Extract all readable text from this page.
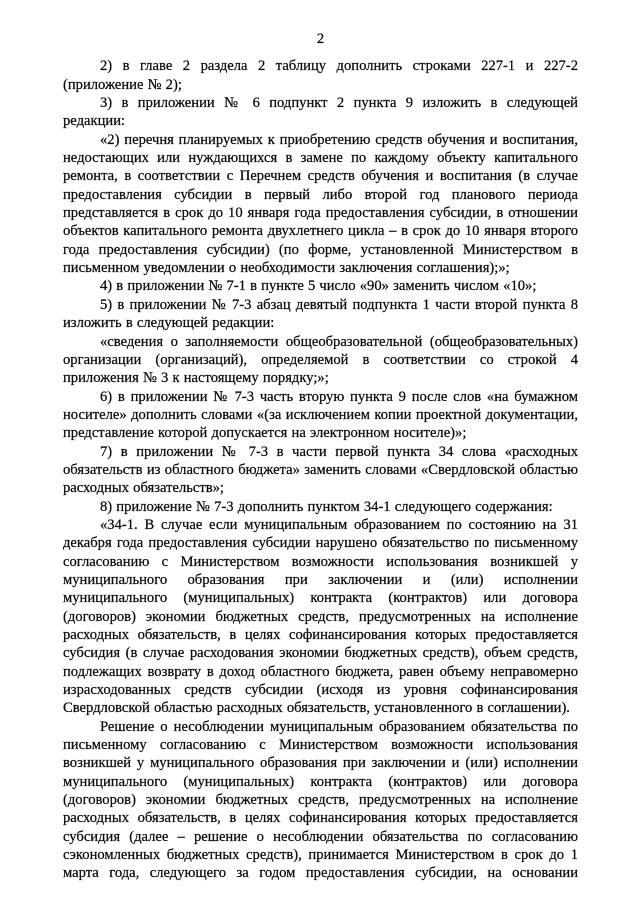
2

2) в главе 2 раздела 2 таблицу дополнить строками 227-1 и 227-2 (приложение № 2);

3) в приложении № 6 подпункт 2 пункта 9 изложить в следующей редакции:

«2) перечня планируемых к приобретению средств обучения и воспитания, недостающих или нуждающихся в замене по каждому объекту капитального ремонта, в соответствии с Перечнем средств обучения и воспитания (в случае предоставления субсидии в первый либо второй год планового периода представляется в срок до 10 января года предоставления субсидии, в отношении объектов капитального ремонта двухлетнего цикла – в срок до 10 января второго года предоставления субсидии) (по форме, установленной Министерством в письменном уведомлении о необходимости заключения соглашения);»;

4) в приложении № 7-1 в пункте 5 число «90» заменить числом «10»;

5) в приложении № 7-3 абзац девятый подпункта 1 части второй пункта 8 изложить в следующей редакции:

«сведения о заполняемости общеобразовательной (общеобразовательных) организации (организаций), определяемой в соответствии со строкой 4 приложения № 3 к настоящему порядку;»;

6) в приложении № 7-3 часть вторую пункта 9 после слов «на бумажном носителе» дополнить словами «(за исключением копии проектной документации, представление которой допускается на электронном носителе)»;

7) в приложении № 7-3 в части первой пункта 34 слова «расходных обязательств из областного бюджета» заменить словами «Свердловской областью расходных обязательств»;

8) приложение № 7-3 дополнить пунктом 34-1 следующего содержания:

«34-1. В случае если муниципальным образованием по состоянию на 31 декабря года предоставления субсидии нарушено обязательство по письменному согласованию с Министерством возможности использования возникшей у муниципального образования при заключении и (или) исполнении муниципального (муниципальных) контракта (контрактов) или договора (договоров) экономии бюджетных средств, предусмотренных на исполнение расходных обязательств, в целях софинансирования которых предоставляется субсидия (в случае расходования экономии бюджетных средств), объем средств, подлежащих возврату в доход областного бюджета, равен объему неправомерно израсходованных средств субсидии (исходя из уровня софинансирования Свердловской областью расходных обязательств, установленного в соглашении).

Решение о несоблюдении муниципальным образованием обязательства по письменному согласованию с Министерством возможности использования возникшей у муниципального образования при заключении и (или) исполнении муниципального (муниципальных) контракта (контрактов) или договора (договоров) экономии бюджетных средств, предусмотренных на исполнение расходных обязательств, в целях софинансирования которых предоставляется субсидия (далее – решение о несоблюдении обязательства по согласованию сэкономленных бюджетных средств), принимается Министерством в срок до 1 марта года, следующего за годом предоставления субсидии, на основании
